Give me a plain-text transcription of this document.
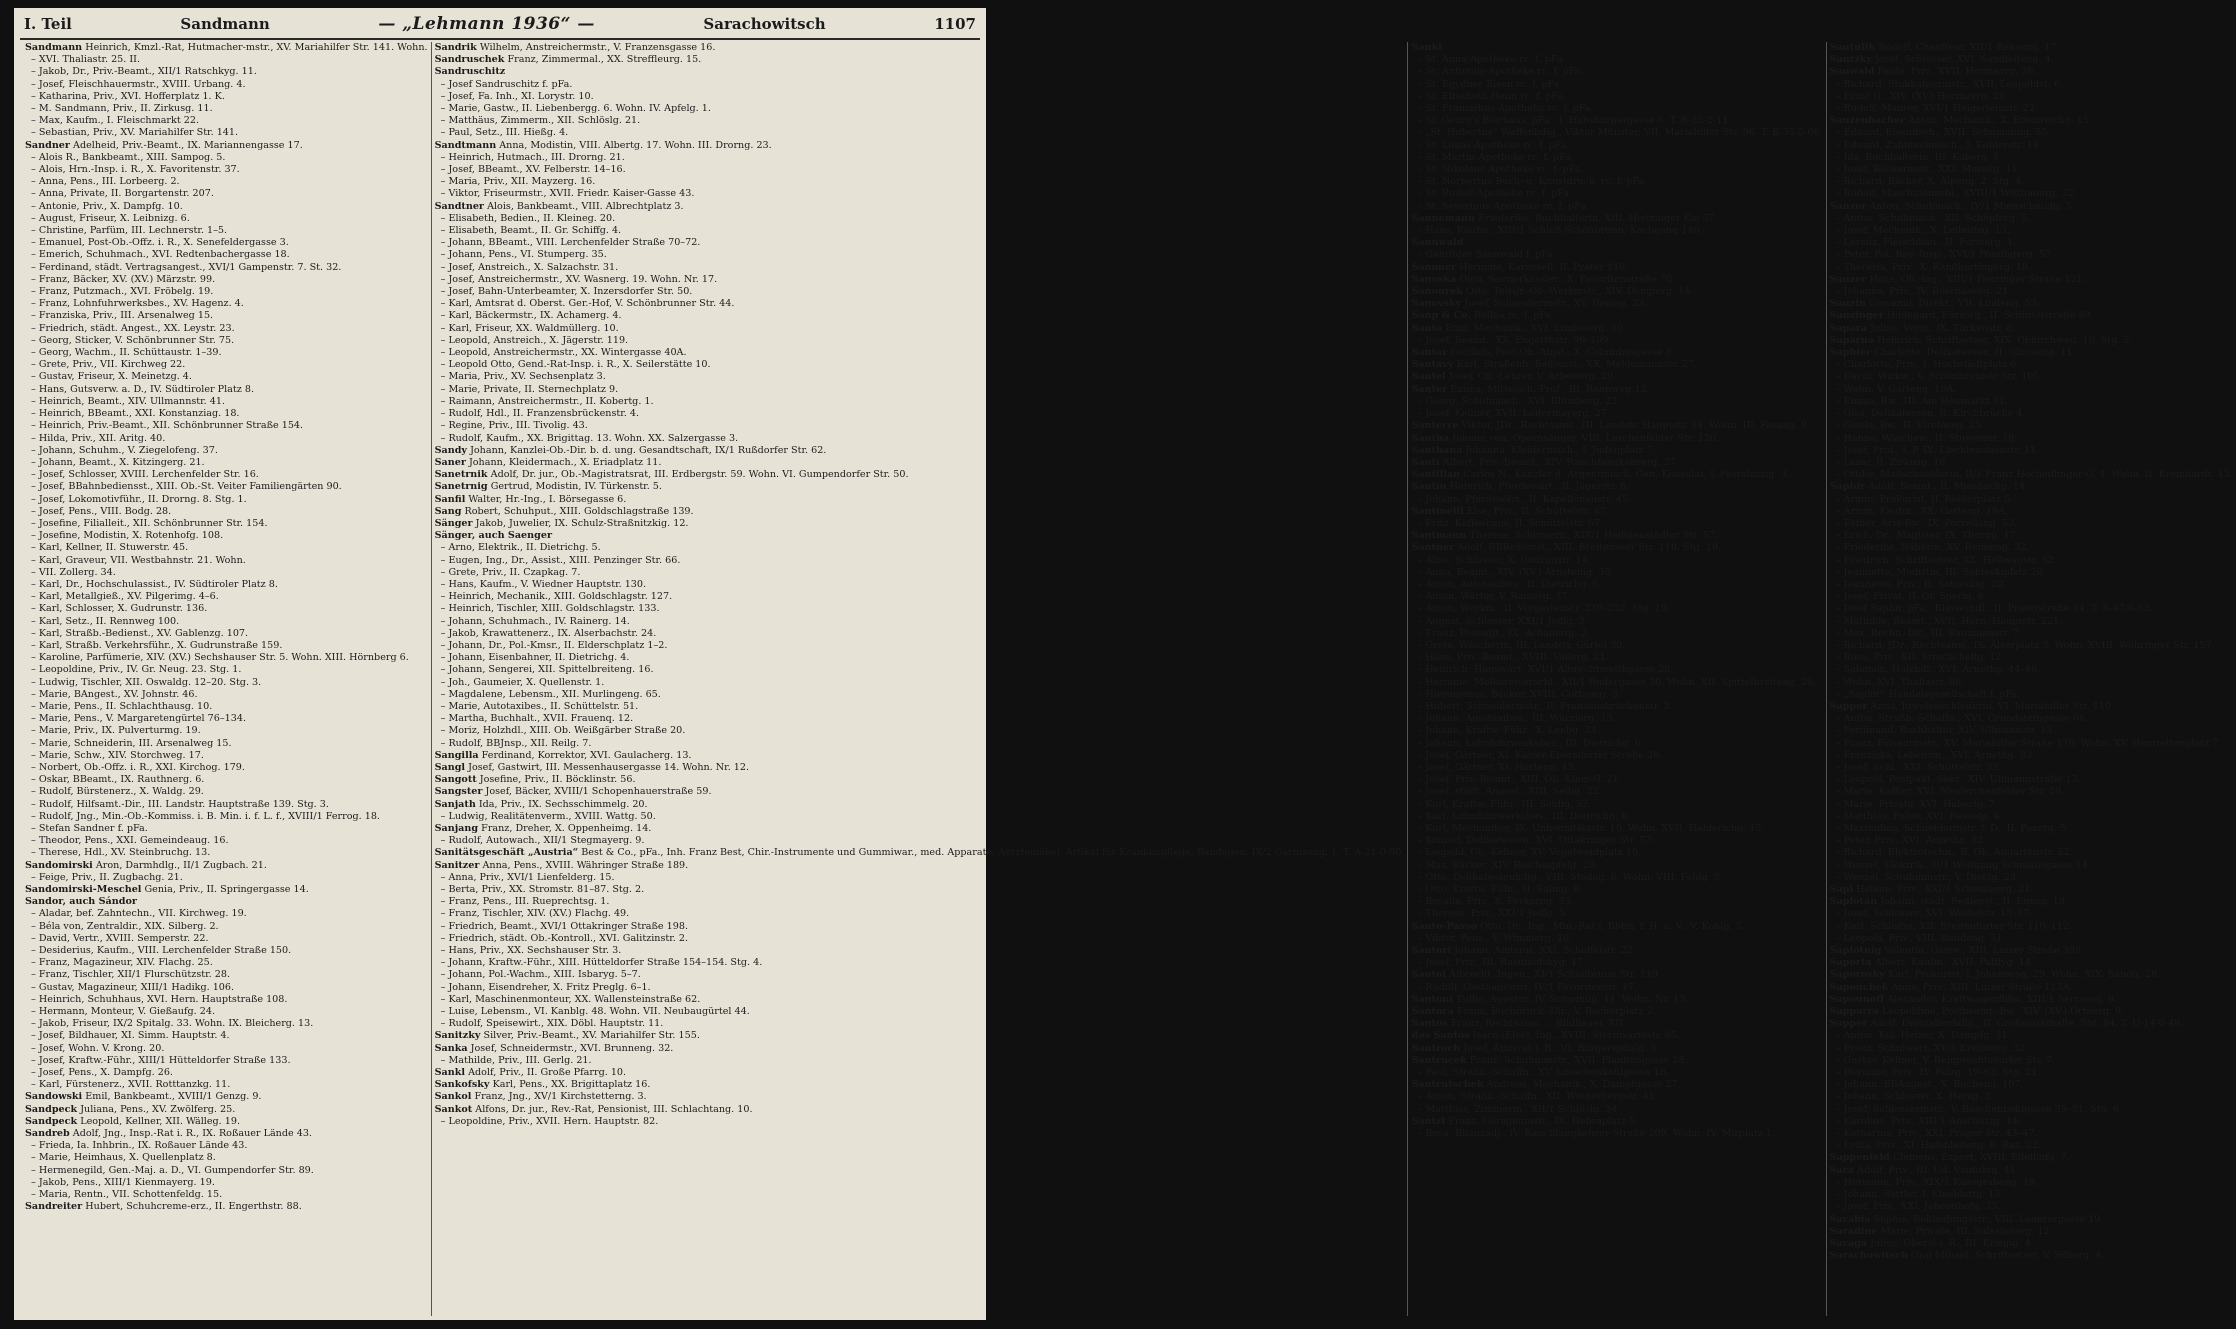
I. Teil	Sandmann	— „Lehmann 1936“ —	Sarachowitsch	1107
Sandmann Heinrich, Kmzl.-Rat, Hutmacher-mstr., XV. Mariahilfer Str. 141. Wohn.
– XVI. Thaliastr. 25. II.
– Jakob, Dr., Priv.-Beamt., XII/1 Ratschkyg. 11.
– Josef, Fleischhauermstr., XVIII. Urbang. 4.
– Katharina, Priv., XVI. Hofferplatz 1. K.
– M. Sandmann, Priv., II. Zirkusg. 11.
– Max, Kaufm., I. Fleischmarkt 22.
– Sebastian, Priv., XV. Mariahilfer Str. 141.
Sandner Adelheid, Priv.-Beamt., IX. Mariannengasse 17.
– Alois R., Bankbeamt., XIII. Sampog. 5.
– Alois, Hrn.-Insp. i. R., X. Favoritenstr. 37.
– Anna, Pens., III. Lorbeerg. 2.
– Anna, Private, II. Borgartenstr. 207.
– Antonie, Priv., X. Dampfg. 10.
– August, Friseur, X. Leibnizg. 6.
– Christine, Parfüm, III. Lechnerstr. 1–5.
– Emanuel, Post-Ob.-Offz. i. R., X. Senefeldergasse 3.
– Emerich, Schuhmach., XVI. Redtenbachergasse 18.
– Ferdinand, städt. Vertragsangest., XVI/1 Gampenstr. 7. St. 32.
– Franz, Bäcker, XV. (XV.) Märzstr. 99.
– Franz, Putzmach., XVI. Fröbelg. 19.
– Franz, Lohnfuhrwerksbes., XV. Hagenz. 4.
– Franziska, Priv., III. Arsenalweg 15.
– Friedrich, städt. Angest., XX. Leystr. 23.
– Georg, Sticker, V. Schönbrunner Str. 75.
– Georg, Wachm., II. Schüttaustr. 1–39.
– Grete, Priv., VII. Kirchweg 22.
– Gustav, Friseur, X. Meinetzg. 4.
– Hans, Gutsverw. a. D., IV. Südtiroler Platz 8.
– Heinrich, Beamt., XIV. Ullmannstr. 41.
– Heinrich, BBeamt., XXI. Konstanziag. 18.
– Heinrich, Priv.-Beamt., XII. Schönbrunner Straße 154.
– Hilda, Priv., XII. Aritg. 40.
– Johann, Schuhm., V. Ziegelofeng. 37.
– Johann, Beamt., X. Kitzingerg. 21.
– Josef, Schlosser, XVIII. Lerchenfelder Str. 16.
– Josef, BBahnbediensst., XIII. Ob.-St. Veiter Familiengärten 90.
– Josef, Lokomotivführ., II. Drorng. 8. Stg. 1.
– Josef, Pens., VIII. Bodg. 28.
– Josefine, Filialleit., XII. Schönbrunner Str. 154.
– Josefine, Modistin, X. Rotenhofg. 108.
– Karl, Kellner, II. Stuwerstr. 45.
– Karl, Graveur, VII. Westbahnstr. 21. Wohn.
– VII. Zollerg. 34.
– Karl, Dr., Hochschulassist., IV. Südtiroler Platz 8.
– Karl, Metallgieß., XV. Pilgerimg. 4–6.
– Karl, Schlosser, X. Gudrunstr. 136.
– Karl, Setz., II. Rennweg 100.
– Karl, Straßb.-Bedienst., XV. Gablenzg. 107.
– Karl, Straßb. Verkehrsführ., X. Gudrunstraße 159.
– Karoline, Parfümerie, XIV. (XV.) Sechshauser Str. 5. Wohn. XIII. Hörnberg 6.
– Leopoldine, Priv., IV. Gr. Neug. 23. Stg. 1.
– Ludwig, Tischler, XII. Oswaldg. 12–20. Stg. 3.
– Marie, BAngest., XV. Johnstr. 46.
– Marie, Pens., II. Schlachthausg. 10.
– Marie, Pens., V. Margaretengürtel 76–134.
– Marie, Priv., IX. Pulverturmg. 19.
– Marie, Schneiderin, III. Arsenalweg 15.
– Marie, Schw., XIV. Storchweg. 17.
– Norbert, Ob.-Offz. i. R., XXI. Kirchog. 179.
– Oskar, BBeamt., IX. Rauthnerg. 6.
– Rudolf, Bürstenerz., X. Waldg. 29.
– Rudolf, Hilfsamt.-Dir., III. Landstr. Hauptstraße 139. Stg. 3.
– Rudolf, Jng., Min.-Ob.-Kommiss. i. B. Min. i. f. L. f., XVIII/1 Ferrog. 18.
– Stefan Sandner f. pFa.
– Theodor, Pens., XXI. Gemeindeaug. 16.
– Therese, Hdl., XV. Steinbruchg. 13.
Sandomirski Aron, Darmhdlg., II/1 Zugbach. 21.
– Feige, Priv., II. Zugbachg. 21.
Sandomirski-Meschel Genia, Priv., II. Springergasse 14.
Sandor, auch Sándor
– Aladar, bef. Zahntechn., VII. Kirchweg. 19.
– Béla von, Zentraldir., XIX. Silberg. 2.
– David, Vertr., XVIII. Semperstr. 22.
– Desiderius, Kaufm., VIII. Lerchenfelder Straße 150.
– Franz, Magazineur, XIV. Flachg. 25.
– Franz, Tischler, XII/1 Flurschützstr. 28.
– Gustav, Magazineur, XIII/1 Hadikg. 106.
– Heinrich, Schuhhaus, XVI. Hern. Hauptstraße 108.
– Hermann, Monteur, V. Gießaufg. 24.
– Jakob, Friseur, IX/2 Spitalg. 33. Wohn. IX. Bleicherg. 13.
– Josef, Bildhauer, XI. Simm. Hauptstr. 4.
– Josef, Wohn. V. Krong. 20.
– Josef, Kraftw.-Führ., XIII/1 Hütteldorfer Straße 133.
– Josef, Pens., X. Dampfg. 26.
– Karl, Fürstenerz., XVII. Rotttanzkg. 11.
Sandowski Emil, Bankbeamt., XVIII/1 Genzg. 9.
Sandpeck Juliana, Pens., XV. Zwölferg. 25.
Sandpeck Leopold, Kellner, XII. Wälleg. 19.
Sandreb Adolf, Jng., Insp.-Rat i. R., IX. Roßauer Lände 43.
– Frieda, Ia. Inhbrin., IX. Roßauer Lände 43.
– Marie, Heimhaus, X. Quellenplatz 8.
– Hermenegild, Gen.-Maj. a. D., VI. Gumpendorfer Str. 89.
– Jakob, Pens., XIII/1 Kienmayerg. 19.
– Maria, Rentn., VII. Schottenfeldg. 15.
Sandreiter Hubert, Schuhcreme-erz., II. Engerthstr. 88.
Sandrik Wilhelm, Anstreichermstr., V. Franzensgasse 16.
Sandruschek Franz, Zimmermal., XX. Streffleurg. 15.
Sandruschitz
– Josef Sandruschitz f. pFa.
– Josef, Fa. Inh., XI. Lorystr. 10.
– Marie, Gastw., II. Liebenbergg. 6. Wohn. IV. Apfelg. 1.
– Matthäus, Zimmerm., XII. Schlöslg. 21.
– Paul, Setz., III. Hießg. 4.
Sandtmann Anna, Modistin, VIII. Albertg. 17. Wohn. III. Drorng. 23.
– Heinrich, Hutmach., III. Drorng. 21.
– Josef, BBeamt., XV. Felberstr. 14–16.
– Maria, Priv., XII. Mayzerg. 16.
– Viktor, Friseurmstr., XVII. Friedr. Kaiser-Gasse 43.
Sandtner Alois, Bankbeamt., VIII. Albrechtplatz 3.
– Elisabeth, Bedien., II. Kleineg. 20.
– Elisabeth, Beamt., II. Gr. Schiffg. 4.
– Johann, BBeamt., VIII. Lerchenfelder Straße 70–72.
– Johann, Pens., VI. Stumperg. 35.
– Josef, Anstreich., X. Salzachstr. 31.
– Josef, Anstreichermstr., XV. Wasnerg. 19. Wohn. Nr. 17.
– Josef, Bahn-Unterbeamter, X. Inzersdorfer Str. 50.
– Karl, Amtsrat d. Oberst. Ger.-Hof, V. Schönbrunner Str. 44.
– Karl, Bäckermstr., IX. Achamerg. 4.
– Karl, Friseur, XX. Waldmüllerg. 10.
– Leopold, Anstreich., X. Jägerstr. 119.
– Leopold, Anstreichermstr., XX. Wintergasse 40A.
– Leopold Otto, Gend.-Rat-Insp. i. R., X. Seilerstätte 10.
– Maria, Priv., XV. Sechsenplatz 3.
– Marie, Private, II. Sternechplatz 9.
– Raimann, Anstreichermstr., II. Kobertg. 1.
– Rudolf, Hdl., II. Franzensbrückenstr. 4.
– Regine, Priv., III. Tivolig. 43.
– Rudolf, Kaufm., XX. Brigittag. 13. Wohn. XX. Salzergasse 3.
Sandy Johann, Kanzlei-Ob.-Dir. b. d. ung. Gesandtschaft, IX/1 Rußdorfer Str. 62.
Saner Johann, Kleidermach., X. Eriadplatz 11.
Sanetrnik Adolf, Dr. jur., Ob.-Magistratsrat, III. Erdbergstr. 59. Wohn. VI. Gumpendorfer Str. 50.
Sanetrnig Gertrud, Modistin, IV. Türkenstr. 5.
Sanfil Walter, Hr.-Ing., I. Börsegasse 6.
Sang Robert, Schuhput., XIII. Goldschlagstraße 139.
Sänger Jakob, Juwelier, IX. Schulz-Straßnitzkig. 12.
Sänger, auch Saenger
– Arno, Elektrik., II. Dietrichg. 5.
– Eugen, Ing., Dr., Assist., XIII. Penzinger Str. 66.
– Grete, Priv., II. Czapkag. 7.
– Hans, Kaufm., V. Wiedner Hauptstr. 130.
– Heinrich, Mechanik., XIII. Goldschlagstr. 127.
– Heinrich, Tischler, XIII. Goldschlagstr. 133.
– Johann, Schuhmach., IV. Rainerg. 14.
– Jakob, Krawattenerz., IX. Alserbachstr. 24.
– Johann, Dr., Pol.-Kmsr., II. Elderschplatz 1–2.
– Johann, Eisenbahner, II. Dietrichg. 4.
– Johann, Sengerei, XII. Spittelbreiteng. 16.
– Joh., Gaumeier, X. Quellenstr. 1.
– Magdalene, Lebensm., XII. Murlingeng. 65.
– Marie, Autotaxibes., II. Schüttelstr. 51.
– Martha, Buchhalt., XVII. Frauenq. 12.
– Moriz, Holzhdl., XIII. Ob. Weißgärber Straße 20.
– Rudolf, BBJnsp., XII. Reilg. 7.
Sangilla Ferdinand, Korrektor, XVI. Gaulacherg. 13.
Sangl Josef, Gastwirt, III. Messenhausergasse 14. Wohn. Nr. 12.
Sangott Josefine, Priv., II. Böcklinstr. 56.
Sangster Josef, Bäcker, XVIII/1 Schopenhauerstraße 59.
Sanjath Ida, Priv., IX. Sechsschimmelg. 20.
– Ludwig, Realitätenverm., XVIII. Wattg. 50.
Sanjang Franz, Dreher, X. Oppenheimg. 14.
– Rudolf, Autowach., XII/1 Stegmayerg. 9.
Sanitätsgeschäft „Austria“ Best & Co., pFa., Inh. Franz Best, Chir.-Instrumente und Gummiwar., med. Apparate, Aerztemöbel, Artikel für Krankenpflege, Bandagen, IX/2 Garnisong. 1. T. A-21-0-90.
Sanitzer Anna, Pens., XVIII. Währinger Straße 189.
– Anna, Priv., XVI/1 Lienfelderg. 15.
– Berta, Priv., XX. Stromstr. 81–87. Stg. 2.
– Franz, Pens., III. Rueprechtsg. 1.
– Franz, Tischler, XIV. (XV.) Flachg. 49.
– Friedrich, Beamt., XVI/1 Ottakringer Straße 198.
– Friedrich, städt. Ob.-Kontroll., XVI. Galitzinstr. 2.
– Hans, Priv., XX. Sechshauser Str. 3.
– Johann, Kraftw.-Führ., XIII. Hütteldorfer Straße 154–154. Stg. 4.
– Johann, Pol.-Wachm., XIII. Isbaryg. 5–7.
– Johann, Eisendreher, X. Fritz Preglg. 6–1.
– Karl, Maschinenmonteur, XX. Wallensteinstraße 62.
– Luise, Lebensm., VI. Kanblg. 48. Wohn. VII. Neubaugürtel 44.
– Rudolf, Speisewirt., XIX. Döbl. Hauptstr. 11.
Sanitzky Silver, Priv.-Beamt., XV. Mariahilfer Str. 155.
Sanka Josef, Schneidermstr., XVI. Brunneng. 32.
– Mathilde, Priv., III. Gerlg. 21.
Sankl Adolf, Priv., II. Große Pfarrg. 10.
Sankofsky Karl, Pens., XX. Brigittaplatz 16.
Sankol Franz, Jng., XV/1 Kirchstetterng. 3.
Sankot Alfons, Dr. jur., Rev.-Rat, Pensionist, III. Schlachtang. 10.
– Leopoldine, Priv., XVII. Hern. Hauptstr. 82.
Sankt
– St. Anna-Apotheke rc. f. pFa.
– St. Antonius-Apotheke rc. f. pFa.
– St. Egydner Eisen rc. f. pFa.
– St. Elisabeth-Heim rc. f. pFa.
– St. Franziskus-Apotheke rc. f. pFa.
– St. Georg's Bierhaus, pFa., I. Habsburgergasse 6. T. R-25-2-11.
– „St. Hubertus“ Waffenhdlg., Viktor Münster, VII. Mariahilfer Str. 96. T. B-35-5-66.
– St. Lukas-Apotheke rc. f. pFa.
– St. Martin-Apotheke rc. f. pFa.
– St. Nikolaus-Apotheke rc. f. pFa.
– St. Norbertus-Buch- u. Kunstdruck. rc. f. pFa.
– St. Rudolf-Apotheke rc. f. pFa.
– St. Severinus-Apotheke rc. f. pFa.
Sannemann Friederike, Buchhalterin, XIII. Hietzinger Kai 57.
– Hans, Kaufm., XIII/1 Schloß Schönbrunn, Kochgang 146.
Sannwald
– Gebrüder Sannwald f. pFa.
Sanoner Hermine, Karussell, II. Prater 116.
Sanoska Olga, Servierkassier., X. Favoritenstraße 70.
Sanourek Otto, Telegr.-Ob.-Werkmstr., XIV. Denglerg. 14.
Sanovsky Josef, Schneidermstr., XV. Denisg. 23.
Sanp & Co. Belbia rc. f. pFa.
Santa Emil, Mechanik., XVI. Lindauerg. 30.
– Josef, Beamt., XX. Engerthstr. 99–109.
Santar Gottlieb, Post-Ob.-Abjst., X. Columbusgasse 8.
Santavy Karl, Straßenb.-Bedienst., XX. Meldemannstr. 27.
Santel Josef, Ob.-Lehrer, V. Arbeiterg. 29.
Santer Emma, Mittelsch.-Prof., III. Rennweg 12.
– Georg, Schuhmach., XVI. Blumberg. 22.
– Josef, Kellner, XVII. Leitermayerg. 27.
Santerre Viktor, JDr., Rechtsanw., III. Landstr. Hauptstr. 84. Wohn. III. Fasang. 9.
Santha Johann von, Opernsänger, VIII. Lerchenfelder Str. 120.
Santhana Johanna, Kleidermach., I. Judenplatz 7.
Santi Albert, Priv.-Beamt., XIV. Rauchfangkehrerg. 27.
Santillan Carlos N., Kanzler d. Argentinisch. Gen.-Konsulat, I. Pestalozzig. 3.
Santin Heinrich, Pferdewärt., II. Jägerstr. 6.
– Johann, Pferdewärt., II. Kapellenaustr. 45.
Santinelli Else, Priv., II. Schüttelstr. 67.
– Fritz, Kaffeehaus, II. Schüttelstr. 67.
Santmann Therese, Schirmerz., XIX/1 Heiligenstädter Str. 57.
Santner Adolf, BBBedienst., XIII. Breitenseer Str. 110. Stg. 19.
– Alois, Schlosser, X. Gudrunstr. 14.
– Anna, Beamt., XIV. (XV.) Arnsteing. 35.
– Anton, Autotaxibes., II. Dietrichg. 6.
– Anton, Wärter, V. Rainerg. 37.
– Anton, Werkm., II. Vorgartenstr. 230–232. Stg. 19.
– August, Schlosser, XXI/1 Jedlg. 3.
– Franz, Postadjt., IX. Achamerg. 2.
– Grete, Wäscherin, III. Landstr. Gürtel 39.
– Hans, Priv.-Beamt., XVIII. Vollerg. 21.
– Heinrich, Hauswart, XVI/1 Albrechtsreithgasse 28.
– Hermine, Molkereiverschl., XII/1 Rudergasse 30. Wohn. XII. Spittelbreiteng. 26.
– Hieronymus, Bäcker, XVIII. Cottageg. 3.
– Hubert, Schneidermstr., II. Franzensbrückenstr. 3.
– Johann, Autotaxibes., III. Würzlerg. 13.
– Johann, Kraftw.-Führ., X. Leebg. 23.
– Johann, Lohnfuhrwerksbes., III. Dietrichg. 6.
– Josef, Gärtner, XI. Kaiser-Ebersdorfer Straße 28.
– Josef, Gärtner, XI. Hörteng. 15.
– Josef, Priv.-Beamt., XIII. Ob.-Klein-G. 21.
– Josef, städt. Angest., XIII. Seibg. 22.
– Karl, Kraftw.-Führ., III. Seidlg. 32.
– Karl, Lohnfuhrwerksbes., III. Dietrichg. 6.
– Karl, Mechaniker, IX. Universitätsstr. 10. Wohn. XVII. Halderichg. 15.
– Konrad, Delikatessen, XVI. Ottakringer Str. 57.
– Leopold, Ob.-Kellner, XV. Vogelweidplatz 10.
– Max, Bäcker, XIV. Reichsapfelg. 29.
– Otto, Delikatessenhdlg., VIII. Stodag. 8. Wohn. VIII. Feldg. 3.
– Otto, Kraftw.-Führ., II. Salmg. 8.
– Rosalia, Priv., X. Ferkorng. 33.
– Therese, Priv., XXI/1 Jedlg. 5.
Santo-Passo Otto, Dr., Ing., Min.-Rat i. BMin. f. H. u. V., V. Kohlg. 5.
– Viktor, Pens., V. Wimmerg. 10.
Santori Johann, Amtsrat, XXI. Scheffelstr. 22.
– Josef, Priv., III. Rasumofskyg. 17.
Santoi Albrecht, Ingen., XI/1 Schönbrunn Str. 119.
– Rudolf, Gasthauswirt, IV/1 Favoritenstr. 17.
Santoni Tullio, Agentur, IV. Schwindg. 11. Wohn. Nr. 13.
Santora Franz, Buchdruck.-Dir., V. Bacherplatz 2.
Santos Franz, Rechtsanw. ... Bildhauer, XII.
dos Santos Isaco (Else), Ing., XVIII. Sternwartestr. 65.
Santroch Josef, Amtsrat i. R., VI. Bürgerspitalg. 5.
Santrucek Franz, Schuhmmstr., XVII. Planitengasse 28.
– Paul, Straßb.-Schaffn., XV. Loeschenkohlgasse 18.
Santrutschek Andreas, Mechanik., X. Dampfgasse 27.
– Anton, Straßb.-Schaffn., XII. Wienerbergstr. 41.
– Matthias, Zimmerm., XII/1 Schlöslg. 34.
Santzl Franz, Garagenmstr., IX. Hebraplatz 5.
– Rosa, Bilanzadj., IV. Rauchfangkehrer-Straße 209. Wohn. IV. Mirplatz 1.
Santulik Rudolf, Chauffeur, XII/1 Rekseng. 17.
Santzky Josef, Schlosser, XVI. Sandleiteng. 4.
Sanwald Paula, Priv., XVII. Hormayrg. 26.
– Richard, Stukkateurmstr., XVII. Leopoldst. 6.
– Ernst G., XIV. (XV.) Hormayrg. 26.
– Rudolf, Maurer, XVI/1 Heigerleinstr. 22.
Sanzenbacher Anton, Mechanik., X. Ettenreichg. 15.
– Eduard, Eisendreh., XVII. Schumanng. 55.
– Eduard, Zahntechnisch., I. Kohlerstr. 14.
– Ida, Buchhalterin, III. Koberg. 5.
– Josef, Bäckermstr., XXI. Morellg. 11.
– Richard, Bäcker, X. Alpeng. 2. Stg. 4.
– Rudolf, Maschinenschl., XVIII/1 Witthauerg. 32.
Sanzer Anton, Schuhmach., IV/1 Mienschmidg. 5.
– Anton, Schuhmach., XII. Schöpferg. 5.
– Josef, Mechanik., X. Leibnitzg. 13.
– Lorenz, Fleischhau., II. Forsterg. 1.
– Peter, Pol.-Rev.-Insp., XVI/1 Possingerg. 57.
– Theresia, Priv., X. Randhartingerg. 18.
Sanzer Hans, Ob.-Ing., XIII/1 Penzinger Straße 121.
– Johanna, Priv., IV. Boerhaaveg. 21.
Sanzin Giovanni, Direkt., VII. Lindeng. 53.
Sanzinger Hildegard, Fürsorg., II. Schüttelstraße 89.
Sapara Julius, Vertr., IX. Türkenstr. 8.
Saparna Heinrich, Schriftsetzer, XIX. Obkirchweg. 10. Stg. 2.
Saphier Charlotte, Delikatessen, II. Glockeng. 11.
– Charlotte, Priv., I. Hochstädtplatz 6.
– David, Wirkw., V. Schönbrunner Str. 105.
– Wohn. V. Garteng. 19A.
– Emma, Bw., III. Am Heumarkt 11.
– Gisa, Delikatessen, II. Kirchbrücke 4.
– Gisela, Bw., II. Virchweg. 25.
– Hanna, Wäschew., II. Stuwerstr. 18.
– Josef, Prof., I. P. IX. Liechtensteinstr. 11.
– Lazar, II. Zirkusg. 16.
– Ottilie, Maßschneiderin, II/1 Franz Hochedlinger-G. 4. Wohn. II. Krembardt. 15.
Saphir Adolf, Beamt., II. Miesbachg. 14.
– Armin, Prokurist, II. Reißerplatz 5.
– Armin, Kaufm., XX. Garteng. 19A.
– Esther, Arzt-Bw., IX. Porzellang. 52.
– Erich, Dr., Magister, IX. Thurng. 17.
– Friederike, Näherin, XV. Reimeng. 32.
– Friedrich, Schriftsetzer, XX. Hellwagstr. 32.
– Jeannette, Modistin, III. Sobieskiplatz 20.
– Jeannette, Priv., II. Sobieskig. 20.
– Josef, Privat, II. Gr. Sperlg. 6.
– Josef Saphir, pFa., Klavierhdl., II. Praterstraße 14. T. R-47-0-53.
– Mathilde, Beamt., XVII. Hern. Hauptstr. 221.
– Max, Rechn.-Dir., III. Baumannstr. 7.
– Richard, JDr., Rechtsanw., IX. Alserplatz 3. Wohn. XVIII. Währinger Str. 157.
– Rosa, Priv., XII. Strechchellg. 12.
– Salomon, Holzhdl., XVI. Arnethg. 44–46.
– Wohn. XVI. Thaliastr. 88.
– „Saphir“ Handelsgesellschaft f. pFa.
Sapper Anna, Juwelenschleiferin, VI. Mariahilfer Str. 110.
– Anton, Straßb.-Schaffn., XVI. Grundsteingasse 66.
– Ferdinand, Buchhalter, XIV. Ullmannstr. 13.
– Franz, Friseurmstr., XV. Mariahilfer Straße 176. Wohn. XV. Henriettenplatz 7.
– Franziska, Lebensm., XVI. Arnethg. 82.
– Josef, Schl., XXI. Schüttelstr. 33.
– Leopold, Postpakt.-Sekr., XIV. Ullmannstraße 13.
– Marie, Kaffier, XVI. Neulerchenfelder Str. 59.
– Marie, Private, XVI. Haberlg. 7.
– Matthias, Polier, XVI. Resselg. 4.
– Maximilian, Schneidermstr. f. D., II. Paxerg. 5.
– Peter, Priv., XVI. Arnethg. 82.
– Richard, Elektrotechn., II. Ob. Augartenstr. 22.
– Wenzel, Elektrik., II/1 Wolfgang Schmälzlgasse 14.
– Wenzel, Schuhmmstr., V. Dieblg. 23.
Sapl Helene, Priv., XXI/1 Schwaigerg. 21.
Saplotan Johann, städt. Bedienst., II. Ennsg. 19.
– Josef, Schlosser, XVI. Weißelstr. 15–17.
– Karl, Schloffer, XII. Breitenfurter Str. 110–112.
– Leopold, Priv., VIII. Blindeng. 51.
Saplotnig Valentin, Gastw., XIII. Linzer Straße 399.
Saporta Albert, Kaufm., XVII. Palffyg. 14.
Saporosky Karl, Prokurist, I. Johannesg. 29. Wohn. XIX. Sandg. 28.
Sapouchek Anna, Priv., XIII. Linzer Straße 113A.
Sapounoff Alexander, Kraftwagenführ., XIII/1 Serravag. 8.
Sapparra Leopoldine, Postbeamt.-Bw., XIV. (XV.) Ortnerg. 9.
Sapper Adolf, Dilitualienhdlg., II. Großmarkthalle, Std. 84. T. U-14-0-48.
– Anton, Kol.-Heizer, X. Dampfg. 31.
– Franz, Schulwart, XV/1 Kreitnerg. 32.
– Gustav, Kellner, V. Reinprechtsdorfer Str. 7.
– Hermine, Priv., IV. Pelzg. 19–63. Stg. 21.
– Johann, BBAngest., X. Bucheng. 107.
– Johann, Schlosser, X. Herzg. 3.
– Josef, Schlossermstr., V. Boschenbohlgasse 39–51. Stg. 6.
– Karoline, Priv., XIII/1 Anschützg. 14.
– Katharina, Priv., XXI. Prager Str. 43–47.
– Lydia, Priv., XI. Hafenleiteng. 8. Baz. 22.
Sappenfeld Clemens, Export, XVIII. Edelhofg. 7.
Sara Adolf, Priv., III. Ud. Viaduktg. 41.
– Hermann, Priv., XIX/1 Kaasgrabeng. 19.
– Johann, Sattler, I. Kleeblattg. 13.
– Josef, Priv., XXI. Jeheonhofg. 35.
Sarabia Sophie, Bekleidungsstr., VIII. Lederergasse 19.
Saradine Marie, Private, III. Salesianerg. 12.
Saraga Julius, Oberst i. R., III. Kriegig. 4.
Sarachowitsch Gral Mihael, Schriftsetzer, V. Silberg. 4.
